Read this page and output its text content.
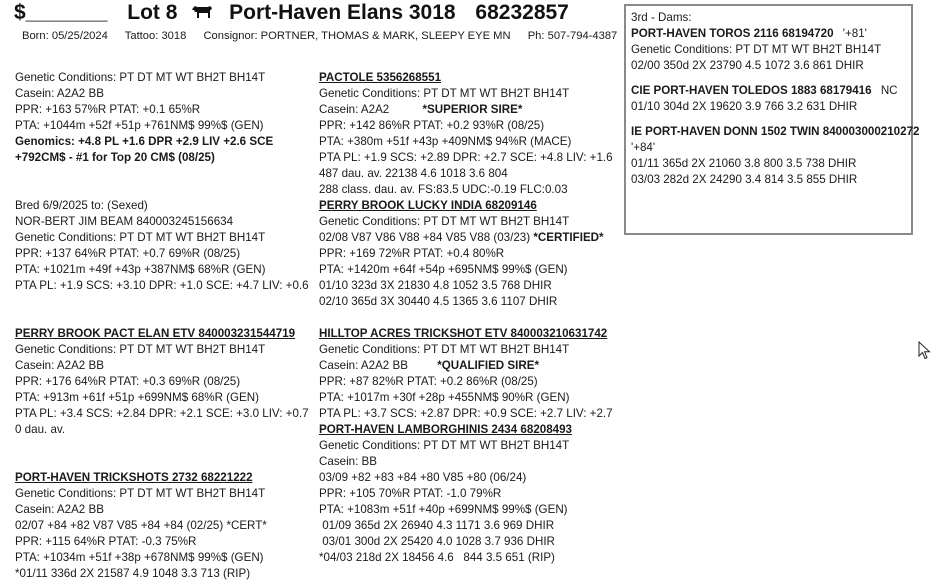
$_______ Lot 8 Port-Haven Elans 3018 68232857
Born: 05/25/2024 Tattoo: 3018 Consignor: PORTNER, THOMAS & MARK, SLEEPY EYE MN Ph: 507-794-4387
Genetic Conditions: PT DT MT WT BH2T BH14T
Casein: A2A2 BB
PPR: +163 57%R PTAT: +0.1 65%R
PTA: +1044m +52f +51p +761NM$ 99%$ (GEN)
Genomics: +4.8 PL +1.6 DPR +2.9 LIV +2.6 SCE
+792CM$ - #1 for Top 20 CM$ (08/25)
Bred 6/9/2025 to: (Sexed)
NOR-BERT JIM BEAM 840003245156634
Genetic Conditions: PT DT MT WT BH2T BH14T
PPR: +137 64%R PTAT: +0.7 69%R (08/25)
PTA: +1021m +49f +43p +387NM$ 68%R (GEN)
PTA PL: +1.9 SCS: +3.10 DPR: +1.0 SCE: +4.7 LIV: +0.6
PERRY BROOK PACT ELAN ETV 840003231544719
Genetic Conditions: PT DT MT WT BH2T BH14T
Casein: A2A2 BB
PPR: +176 64%R PTAT: +0.3 69%R (08/25)
PTA: +913m +61f +51p +699NM$ 68%R (GEN)
PTA PL: +3.4 SCS: +2.84 DPR: +2.1 SCE: +3.0 LIV: +0.7
0 dau. av.
PORT-HAVEN TRICKSHOTS 2732 68221222
Genetic Conditions: PT DT MT WT BH2T BH14T
Casein: A2A2 BB
02/07 +84 +82 V87 V85 +84 +84 (02/25) *CERT*
PPR: +115 64%R PTAT: -0.3 75%R
PTA: +1034m +51f +38p +678NM$ 99%$ (GEN)
*01/11 336d 2X 21587 4.9 1048 3.3 713 (RIP)
PACTOLE 5356268551
Genetic Conditions: PT DT MT WT BH2T BH14T
Casein: A2A2	*SUPERIOR SIRE*
PPR: +142 86%R PTAT: +0.2 93%R (08/25)
PTA: +380m +51f +43p +409NM$ 94%R (MACE)
PTA PL: +1.9 SCS: +2.89 DPR: +2.7 SCE: +4.8 LIV: +1.6
487 dau. av. 22138 4.6 1018 3.6 804
288 class. dau. av. FS:83.5 UDC:-0.19 FLC:0.03
PERRY BROOK LUCKY INDIA 68209146
Genetic Conditions: PT DT MT WT BH2T BH14T
02/08 V87 V86 V88 +84 V85 V88 (03/23) *CERTIFIED*
PPR: +169 72%R PTAT: +0.4 80%R
PTA: +1420m +64f +54p +695NM$ 99%$ (GEN)
01/10 323d 3X 21830 4.8 1052 3.5 768 DHIR
02/10 365d 3X 30440 4.5 1365 3.6 1107 DHIR
HILLTOP ACRES TRICKSHOT ETV 840003210631742
Genetic Conditions: PT DT MT WT BH2T BH14T
Casein: A2A2 BB	*QUALIFIED SIRE*
PPR: +87 82%R PTAT: +0.2 86%R (08/25)
PTA: +1017m +30f +28p +455NM$ 90%R (GEN)
PTA PL: +3.7 SCS: +2.87 DPR: +0.9 SCE: +2.7 LIV: +2.7
PORT-HAVEN LAMBORGHINIS 2434 68208493
Genetic Conditions: PT DT MT WT BH2T BH14T
Casein: BB
03/09 +82 +83 +84 +80 V85 +80 (06/24)
PPR: +105 70%R PTAT: -1.0 79%R
PTA: +1083m +51f +40p +699NM$ 99%$ (GEN)
01/09 365d 2X 26940 4.3 1171 3.6 969 DHIR
03/01 300d 2X 25420 4.0 1028 3.7 936 DHIR
*04/03 218d 2X 18456 4.6   844 3.5 651 (RIP)
3rd - Dams:
PORT-HAVEN TOROS 2116 68194720 '+81'
Genetic Conditions: PT DT MT WT BH2T BH14T
02/00 350d 2X 23790 4.5 1072 3.6 861 DHIR
CIE PORT-HAVEN TOLEDOS 1883 68179416 NC
01/10 304d 2X 19620 3.9 766 3.2 631 DHIR
IE PORT-HAVEN DONN 1502 TWIN 840003000210272
'+84'
01/11 365d 2X 21060 3.8 800 3.5 738 DHIR
03/03 282d 2X 24290 3.4 814 3.5 855 DHIR
